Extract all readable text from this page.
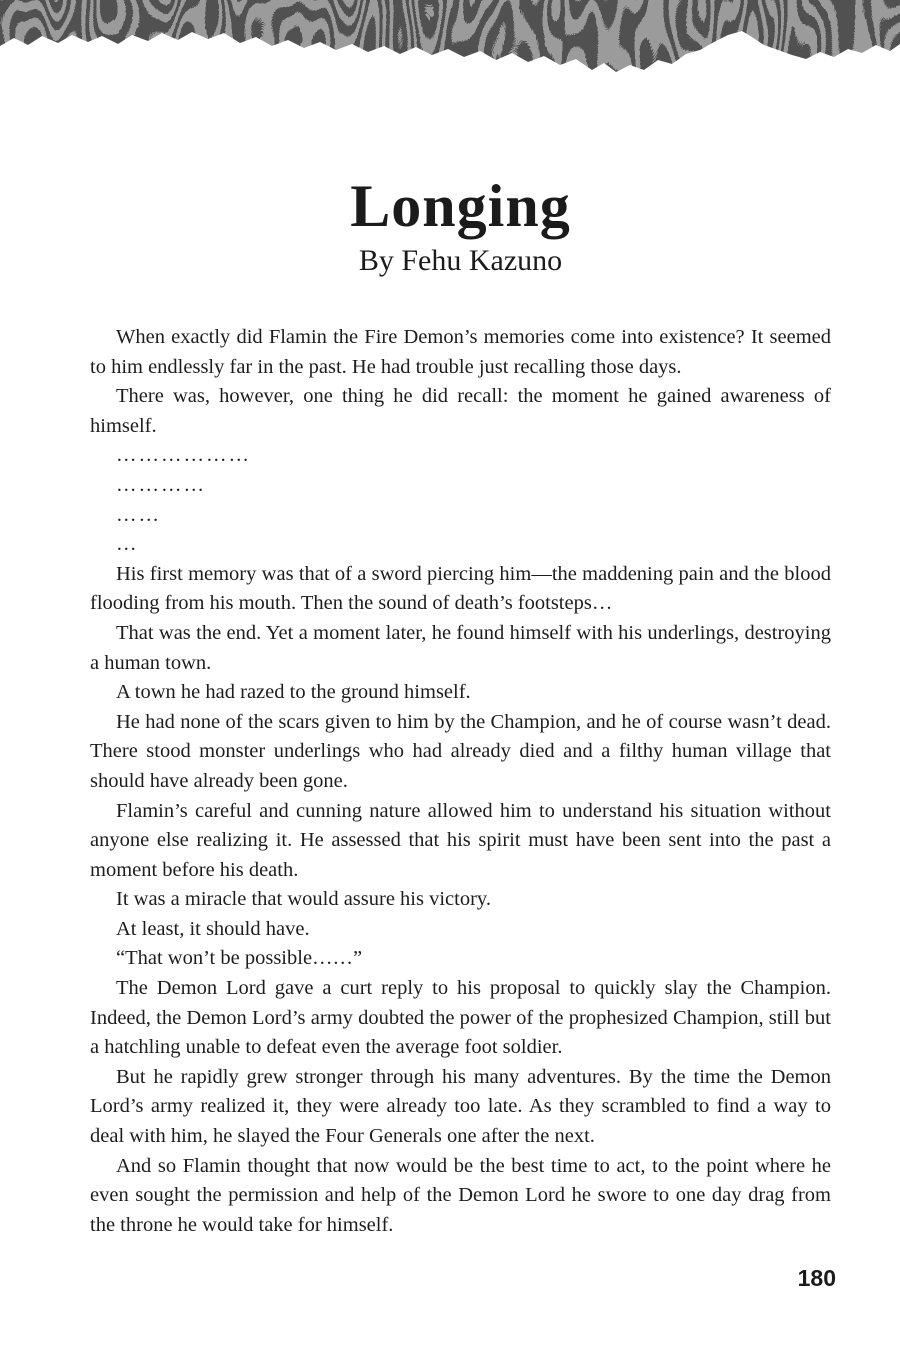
Longing
By Fehu Kazuno

When exactly did Flamin the Fire Demon’s memories come into existence? It seemed to him endlessly far in the past. He had trouble just recalling those days.

There was, however, one thing he did recall: the moment he gained awareness of himself.

………………

…………

……

…

His first memory was that of a sword piercing him—the maddening pain and the blood flooding from his mouth. Then the sound of death’s footsteps…

That was the end. Yet a moment later, he found himself with his underlings, destroying a human town.

A town he had razed to the ground himself.

He had none of the scars given to him by the Champion, and he of course wasn’t dead. There stood monster underlings who had already died and a filthy human village that should have already been gone.

Flamin’s careful and cunning nature allowed him to understand his situation without anyone else realizing it. He assessed that his spirit must have been sent into the past a moment before his death.

It was a miracle that would assure his victory.

At least, it should have.

“That won’t be possible……”

The Demon Lord gave a curt reply to his proposal to quickly slay the Champion. Indeed, the Demon Lord’s army doubted the power of the prophesized Champion, still but a hatchling unable to defeat even the average foot soldier.

But he rapidly grew stronger through his many adventures. By the time the Demon Lord’s army realized it, they were already too late. As they scrambled to find a way to deal with him, he slayed the Four Generals one after the next.

And so Flamin thought that now would be the best time to act, to the point where he even sought the permission and help of the Demon Lord he swore to one day drag from the throne he would take for himself.

180
